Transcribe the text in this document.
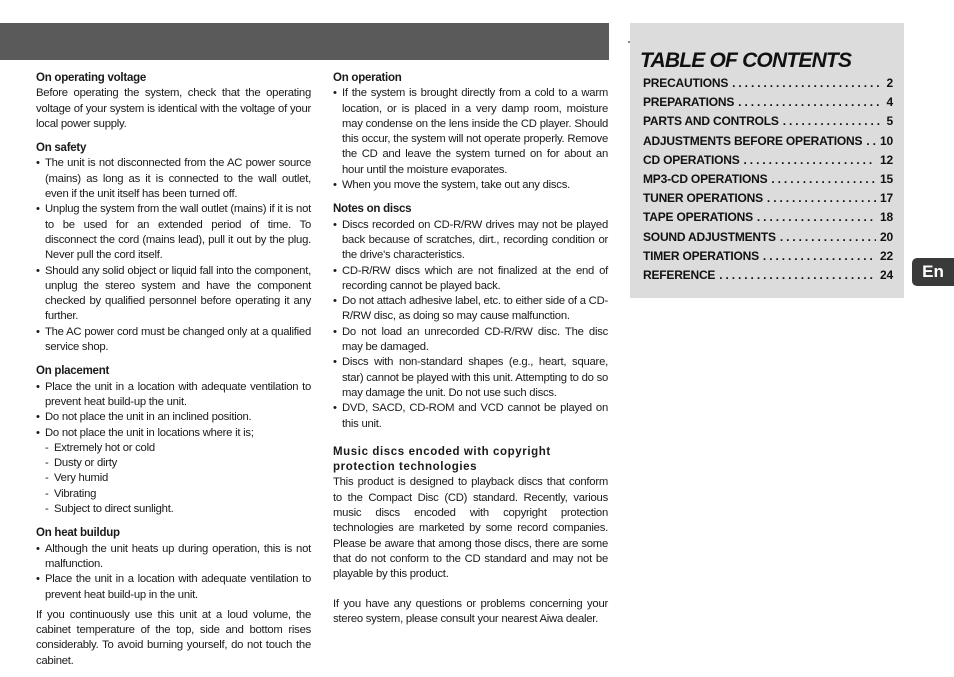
On operating voltage

Before operating the system, check that the operating voltage of your system is identical with the voltage of your local power supply.

On safety

• The unit is not disconnected from the AC power source (mains) as long as it is connected to the wall outlet, even if the unit itself has been turned off.
• Unplug the system from the wall outlet (mains) if it is not to be used for an extended period of time. To disconnect the cord (mains lead), pull it out by the plug. Never pull the cord itself.
• Should any solid object or liquid fall into the component, unplug the stereo system and have the component checked by qualified personnel before operating it any further.
• The AC power cord must be changed only at a qualified service shop.

On placement

• Place the unit in a location with adequate ventilation to prevent heat build-up the unit.
• Do not place the unit in an inclined position.
• Do not place the unit in locations where it is;
- Extremely hot or cold
- Dusty or dirty
- Very humid
- Vibrating
- Subject to direct sunlight.

On heat buildup

• Although the unit heats up during operation, this is not malfunction.
• Place the unit in a location with adequate ventilation to prevent heat build-up in the unit.

If you continuously use this unit at a loud volume, the cabinet temperature of the top, side and bottom rises considerably. To avoid burning yourself, do not touch the cabinet.

On operation

• If the system is brought directly from a cold to a warm location, or is placed in a very damp room, moisture may condense on the lens inside the CD player. Should this occur, the system will not operate properly. Remove the CD and leave the system turned on for about an hour until the moisture evaporates.
• When you move the system, take out any discs.

Notes on discs

• Discs recorded on CD-R/RW drives may not be played back because of scratches, dirt., recording condition or the drive's characteristics.
• CD-R/RW discs which are not finalized at the end of recording cannot be played back.
• Do not attach adhesive label, etc. to either side of a CD-R/RW disc, as doing so may cause malfunction.
• Do not load an unrecorded CD-R/RW disc. The disc may be damaged.
• Discs with non-standard shapes (e.g., heart, square, star) cannot be played with this unit. Attempting to do so may damage the unit. Do not use such discs.
• DVD, SACD, CD-ROM and VCD cannot be played on this unit.

Music discs encoded with copyright protection technologies

This product is designed to playback discs that conform to the Compact Disc (CD) standard. Recently, various music discs encoded with copyright protection technologies are marketed by some record companies. Please be aware that among those discs, there are some that do not conform to the CD standard and may not be playable by this product.

If you have any questions or problems concerning your stereo system, please consult your nearest Aiwa dealer.

TABLE OF CONTENTS
PRECAUTIONS . . .	2
PREPARATIONS . . .	4
PARTS AND CONTROLS . . .	5
ADJUSTMENTS BEFORE OPERATIONS . . . 10
CD OPERATIONS . . .	12
MP3-CD OPERATIONS . . .	15
TUNER OPERATIONS . . .	17
TAPE OPERATIONS . . .	18
SOUND ADJUSTMENTS . . .	20
TIMER OPERATIONS . . .	22
REFERENCE . . .	24	En
